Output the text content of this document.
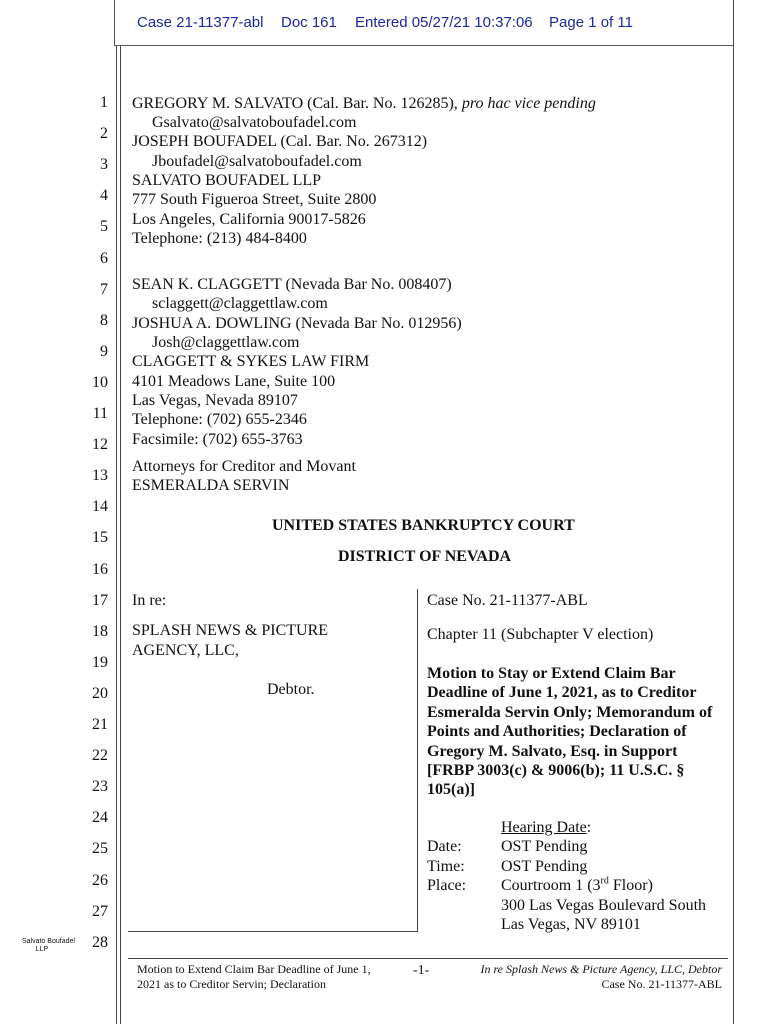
Case 21-11377-abl Doc 161 Entered 05/27/21 10:37:06 Page 1 of 11
1
2
3
4
5
6
7
8
9
10
11
12
13
14
15
16
17
18
19
20
21
22
23
24
25
26
27
28
GREGORY M. SALVATO (Cal. Bar. No. 126285), pro hac vice pending
Gsalvato@salvatoboufadel.com
JOSEPH BOUFADEL (Cal. Bar. No. 267312)
Jboufadel@salvatoboufadel.com
SALVATO BOUFADEL LLP
777 South Figueroa Street, Suite 2800
Los Angeles, California 90017-5826
Telephone: (213) 484-8400
SEAN K. CLAGGETT (Nevada Bar No. 008407)
sclaggett@claggettlaw.com
JOSHUA A. DOWLING (Nevada Bar No. 012956)
Josh@claggettlaw.com
CLAGGETT & SYKES LAW FIRM
4101 Meadows Lane, Suite 100
Las Vegas, Nevada 89107
Telephone: (702) 655-2346
Facsimile: (702) 655-3763
Attorneys for Creditor and Movant
ESMERALDA SERVIN
UNITED STATES BANKRUPTCY COURT
DISTRICT OF NEVADA
In re:
SPLASH NEWS & PICTURE
AGENCY, LLC,
Debtor.
Case No. 21-11377-ABL
Chapter 11 (Subchapter V election)
Motion to Stay or Extend Claim Bar
Deadline of June 1, 2021, as to Creditor
Esmeralda Servin Only; Memorandum of
Points and Authorities; Declaration of
Gregory M. Salvato, Esq. in Support
[FRBP 3003(c) & 9006(b); 11 U.S.C. §
105(a)]
Hearing Date:
Date: OST Pending
Time: OST Pending
Place: Courtroom 1 (3rd Floor)
300 Las Vegas Boulevard South
Las Vegas, NV 89101
Salvato Boufadel
LLP
Motion to Extend Claim Bar Deadline of June 1,
2021 as to Creditor Servin; Declaration
-1-	In re Splash News & Picture Agency, LLC, Debtor
Case No. 21-11377-ABL
